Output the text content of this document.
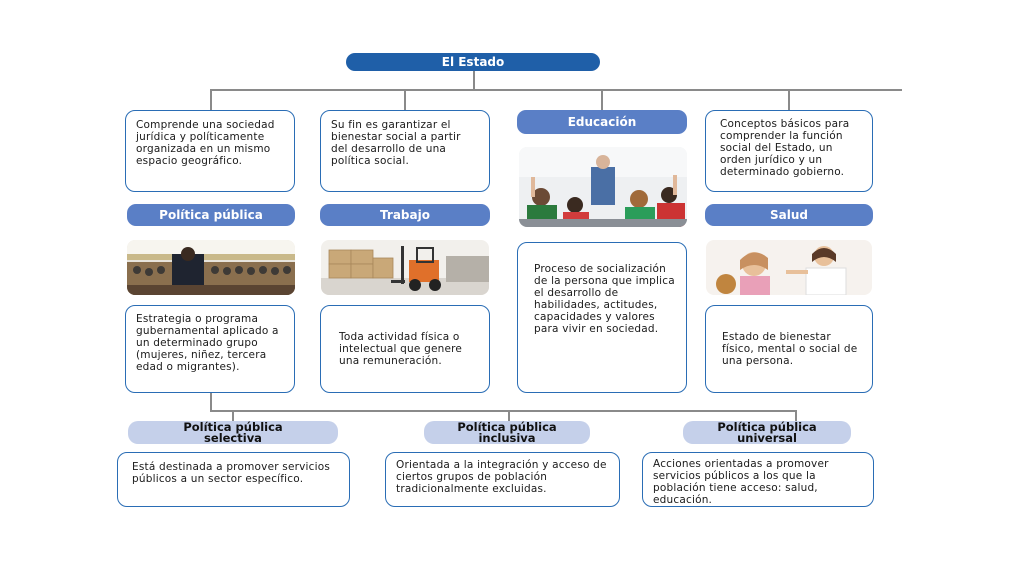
El Estado
Comprende una sociedad jurídica y políticamente organizada en un mismo espacio geográfico.
Política pública
Estrategia o programa gubernamental aplicado a un determinado grupo (mujeres, niñez, tercera edad o migrantes).
Su fin es garantizar el bienestar social a partir del desarrollo de una política social.
Trabajo
Toda actividad física o intelectual que genere una remuneración.
Educación
Proceso de socialización de la persona que implica el desarrollo de habilidades, actitudes, capacidades y valores para vivir en sociedad.
Conceptos básicos para comprender la función social del Estado, un orden jurídico y un determinado gobierno.
Salud
Estado de bienestar físico, mental o social de una persona.
Política pública selectiva
Está destinada a promover servicios públicos a un sector específico.
Política pública inclusiva
Orientada a la integración y acceso de ciertos grupos de población tradicionalmente excluidas.
Política pública universal
Acciones orientadas a promover servicios públicos a los que la población tiene acceso: salud, educación.
